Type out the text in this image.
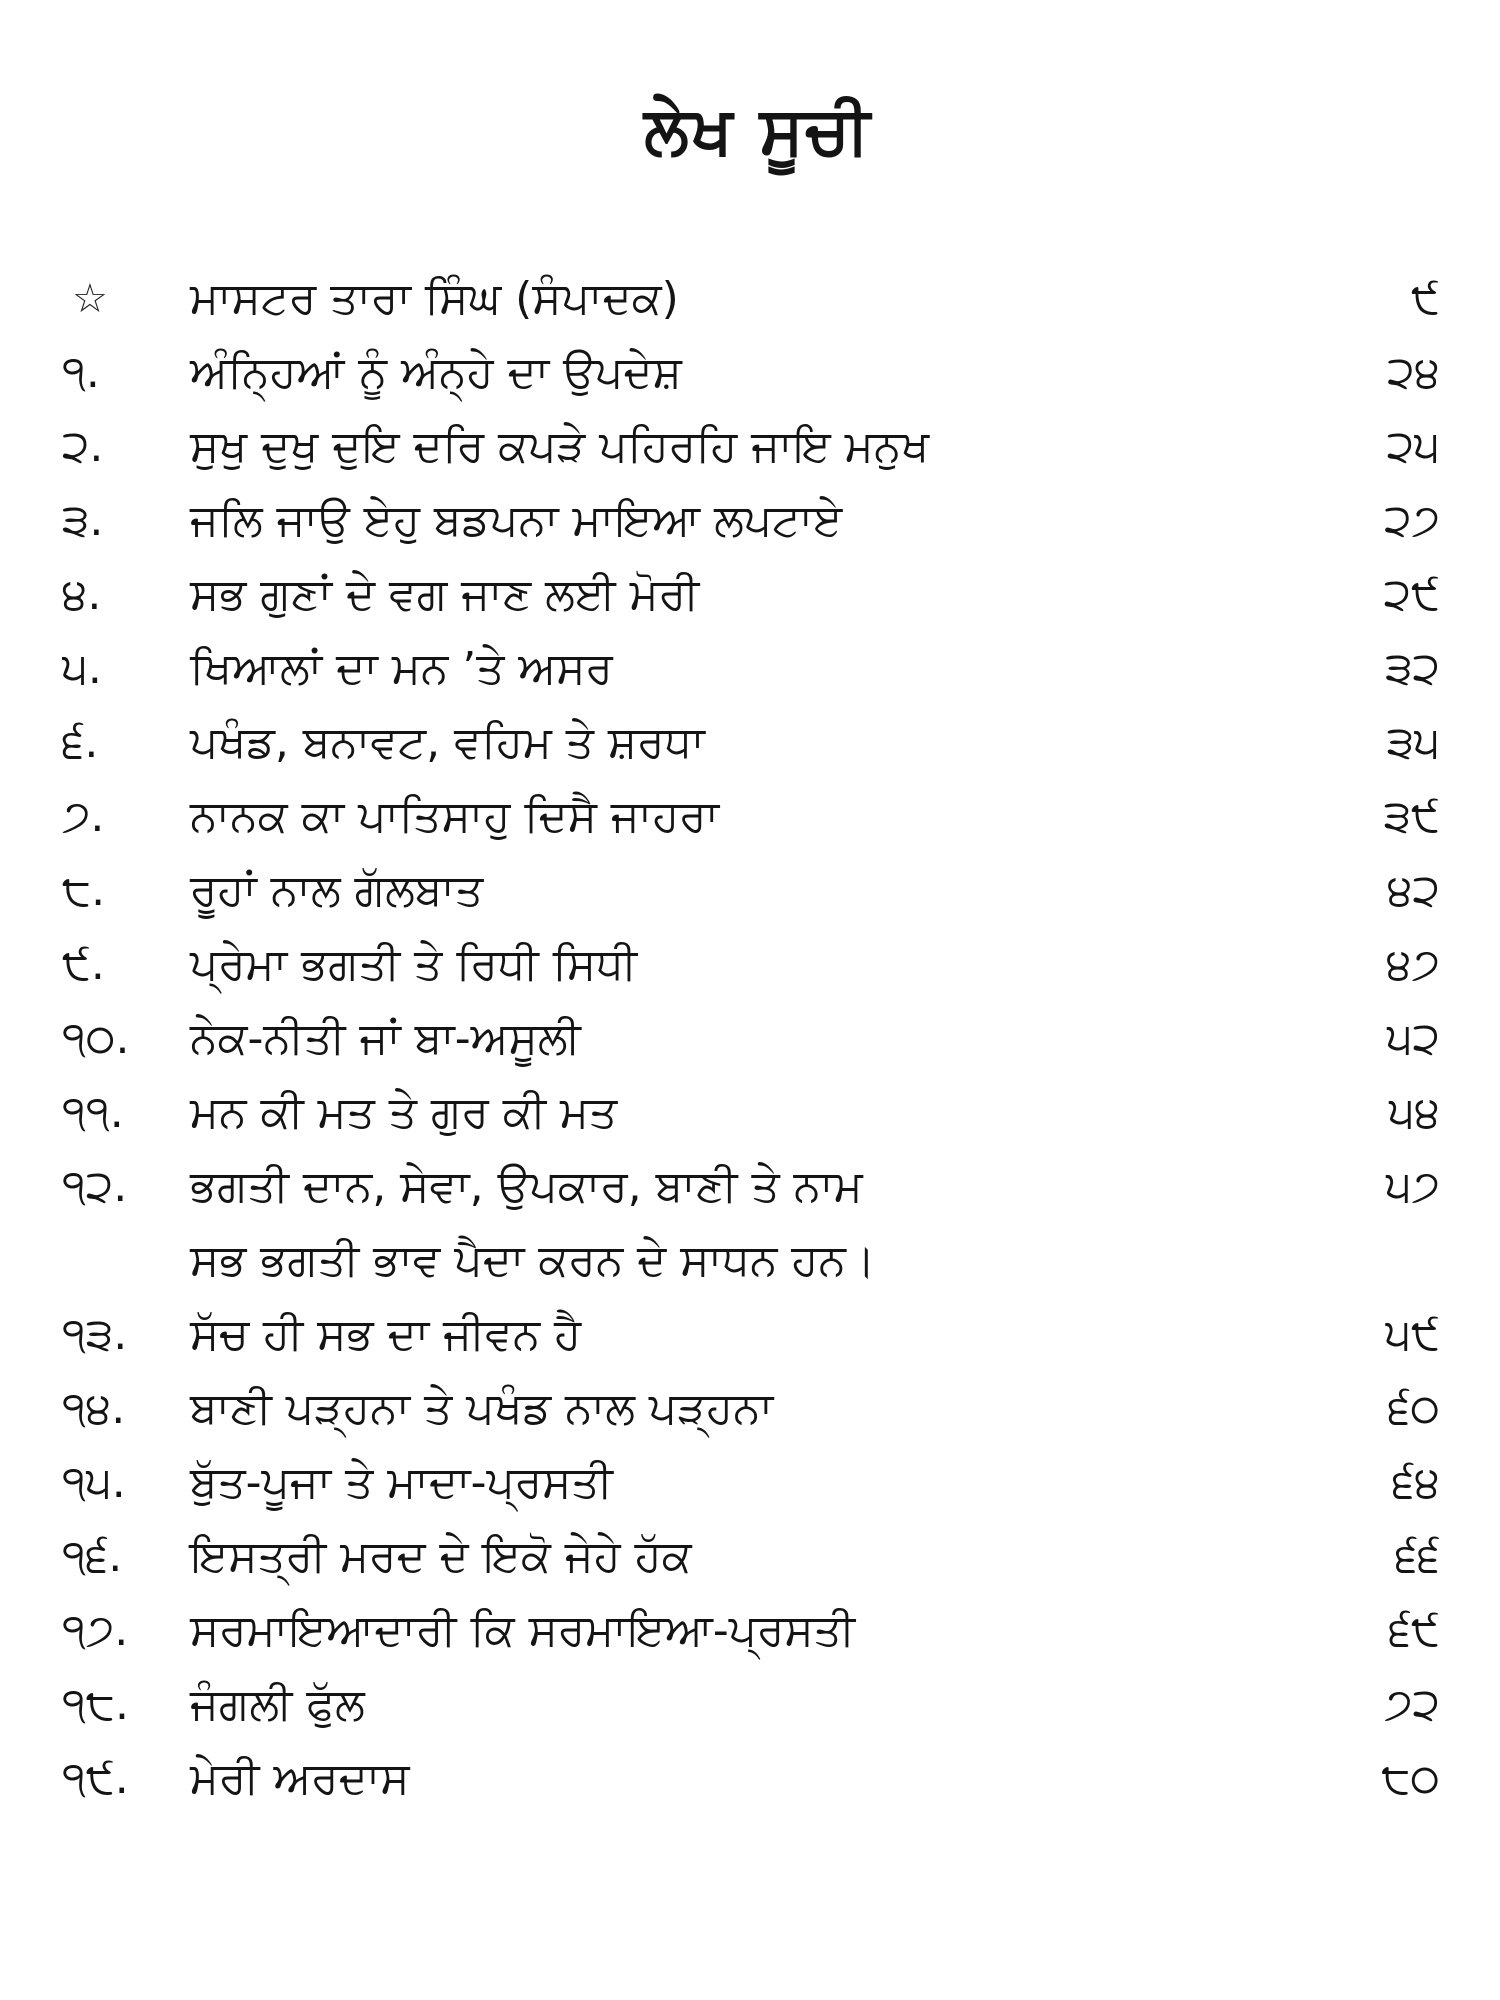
ਲੇਖ ਸੂਚੀ
☆	ਮਾਸਟਰ ਤਾਰਾ ਸਿੰਘ (ਸੰਪਾਦਕ)	੯
੧.	ਅੰਨ੍ਹਿਆਂ ਨੂੰ ਅੰਨ੍ਹੇ ਦਾ ਉਪਦੇਸ਼	੨੪
੨.	ਸੁਖੁ ਦੁਖੁ ਦੁਇ ਦਰਿ ਕਪੜੇ ਪਹਿਰਹਿ ਜਾਇ ਮਨੁਖ	੨੫
੩.	ਜਲਿ ਜਾਉ ਏਹੁ ਬਡਪਨਾ ਮਾਇਆ ਲਪਟਾਏ	੨੭
੪.	ਸਭ ਗੁਣਾਂ ਦੇ ਵਗ ਜਾਣ ਲਈ ਮੋਰੀ	੨੯
੫.	ਖਿਆਲਾਂ ਦਾ ਮਨ ’ਤੇ ਅਸਰ	੩੨
੬.	ਪਖੰਡ, ਬਨਾਵਟ, ਵਹਿਮ ਤੇ ਸ਼ਰਧਾ	੩੫
੭.	ਨਾਨਕ ਕਾ ਪਾਤਿਸਾਹੁ ਦਿਸੈ ਜਾਹਰਾ	੩੯
੮.	ਰੂਹਾਂ ਨਾਲ ਗੱਲਬਾਤ	੪੨
੯.	ਪ੍ਰੇਮਾ ਭਗਤੀ ਤੇ ਰਿਧੀ ਸਿਧੀ	੪੭
੧੦.	ਨੇਕ-ਨੀਤੀ ਜਾਂ ਬਾ-ਅਸੂਲੀ	੫੨
੧੧.	ਮਨ ਕੀ ਮਤ ਤੇ ਗੁਰ ਕੀ ਮਤ	੫੪
੧੨.	ਭਗਤੀ ਦਾਨ, ਸੇਵਾ, ਉਪਕਾਰ, ਬਾਣੀ ਤੇ ਨਾਮ	੫੭
ਸਭ ਭਗਤੀ ਭਾਵ ਪੈਦਾ ਕਰਨ ਦੇ ਸਾਧਨ ਹਨ।
੧੩.	ਸੱਚ ਹੀ ਸਭ ਦਾ ਜੀਵਨ ਹੈ	੫੯
੧੪.	ਬਾਣੀ ਪੜ੍ਹਨਾ ਤੇ ਪਖੰਡ ਨਾਲ ਪੜ੍ਹਨਾ	੬੦
੧੫.	ਬੁੱਤ-ਪੂਜਾ ਤੇ ਮਾਦਾ-ਪ੍ਰਸਤੀ	੬੪
੧੬.	ਇਸਤ੍ਰੀ ਮਰਦ ਦੇ ਇਕੋ ਜੇਹੇ ਹੱਕ	੬੬
੧੭.	ਸਰਮਾਇਆਦਾਰੀ ਕਿ ਸਰਮਾਇਆ-ਪ੍ਰਸਤੀ	੬੯
੧੮.	ਜੰਗਲੀ ਫੁੱਲ	੭੨
੧੯.	ਮੇਰੀ ਅਰਦਾਸ	੮੦
